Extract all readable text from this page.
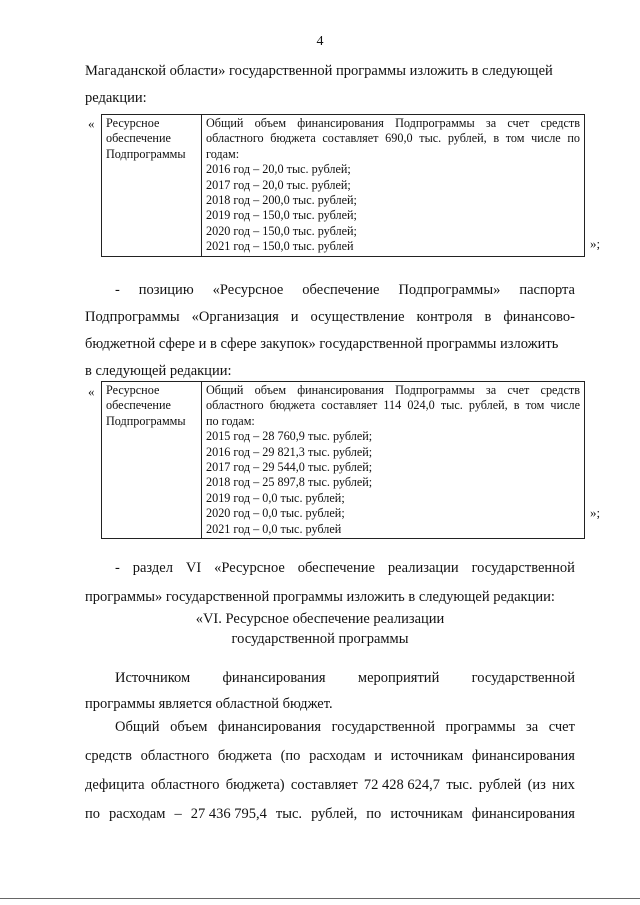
4
Магаданской области» государственной программы изложить в следующей
редакции:
« Ресурсное
обеспечение
Подпрограммы

Общий объем финансирования Подпрограммы за счет средств
областного бюджета составляет 690,0 тыс. рублей, в том числе по
годам:
2016 год – 20,0 тыс. рублей;
2017 год – 20,0 тыс. рублей;
2018 год – 200,0 тыс. рублей;
2019 год – 150,0 тыс. рублей;
2020 год – 150,0 тыс. рублей;
2021 год – 150,0 тыс. рублей	»;
- позицию «Ресурсное обеспечение Подпрограммы» паспорта
Подпрограммы «Организация и осуществление контроля в финансово-
бюджетной сфере и в сфере закупок» государственной программы изложить
в следующей редакции:
« Ресурсное
обеспечение
Подпрограммы

Общий объем финансирования Подпрограммы за счет средств
областного бюджета составляет 114 024,0 тыс. рублей, в том числе
по годам:
2015 год – 28 760,9 тыс. рублей;
2016 год – 29 821,3 тыс. рублей;
2017 год – 29 544,0 тыс. рублей;
2018 год – 25 897,8 тыс. рублей;
2019 год – 0,0 тыс. рублей;
2020 год – 0,0 тыс. рублей;
2021 год – 0,0 тыс. рублей
»;
- раздел VI «Ресурсное обеспечение реализации государственной
программы» государственной программы изложить в следующей редакции:
«VI. Ресурсное обеспечение реализации
государственной программы
Источником финансирования мероприятий государственной
программы является областной бюджет.
Общий объем финансирования государственной программы за счет
средств областного бюджета (по расходам и источникам финансирования
дефицита областного бюджета) составляет 72 428 624,7 тыс. рублей (из них
по расходам – 27 436 795,4 тыс. рублей, по источникам финансирования
